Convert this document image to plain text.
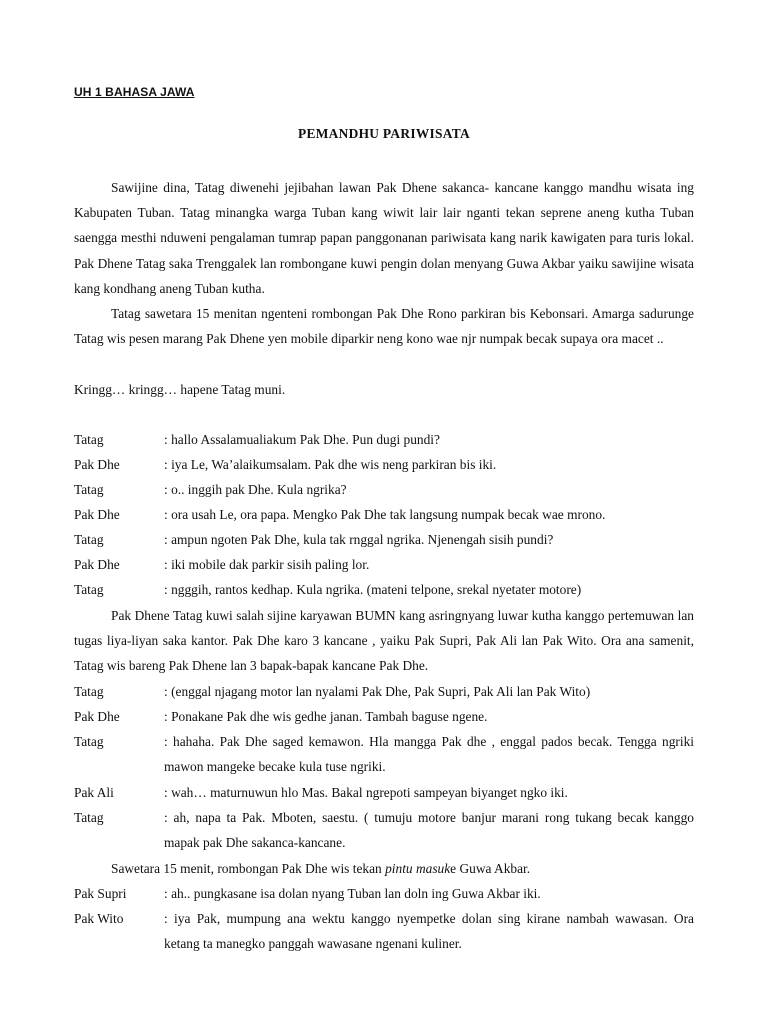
UH 1 BAHASA JAWA
PEMANDHU PARIWISATA

Sawijine dina, Tatag diwenehi jejibahan lawan Pak Dhene sakanca- kancane kanggo mandhu wisata ing Kabupaten Tuban. Tatag minangka warga Tuban kang wiwit lair lair nganti tekan seprene aneng kutha Tuban saengga mesthi nduweni pengalaman tumrap papan panggonanan pariwisata kang narik kawigaten para turis lokal. Pak Dhene Tatag saka Trenggalek lan rombongane kuwi pengin dolan menyang Guwa Akbar yaiku sawijine wisata kang kondhang aneng Tuban kutha.

Tatag sawetara 15 menitan ngenteni rombongan Pak Dhe Rono parkiran bis Kebonsari. Amarga sadurunge Tatag wis pesen marang Pak Dhene yen mobile diparkir neng kono wae njr numpak becak supaya ora macet ..

Kringg… kringg… hapene Tatag muni.

Tatag	: hallo Assalamualiakum Pak Dhe. Pun dugi pundi?
Pak Dhe	: iya Le, Wa’alaikumsalam. Pak dhe wis neng parkiran bis iki.
Tatag	: o.. inggih pak Dhe. Kula ngrika?
Pak Dhe	: ora usah Le, ora papa. Mengko Pak Dhe tak langsung numpak becak wae mrono.
Tatag	: ampun ngoten Pak Dhe, kula tak rnggal ngrika. Njenengah sisih pundi?
Pak Dhe	: iki mobile dak parkir sisih paling lor.
Tatag	: ngggih, rantos kedhap. Kula ngrika. (mateni telpone, srekal nyetater motore)

Pak Dhene Tatag kuwi salah sijine karyawan BUMN kang asringnyang luwar kutha kanggo pertemuwan lan tugas liya-liyan saka kantor. Pak Dhe karo 3 kancane , yaiku Pak Supri, Pak Ali lan Pak Wito. Ora ana samenit, Tatag wis bareng Pak Dhene lan 3 bapak-bapak kancane Pak Dhe.

Tatag	: (enggal njagang motor lan nyalami Pak Dhe, Pak Supri, Pak Ali lan Pak Wito)
Pak Dhe	: Ponakane Pak dhe wis gedhe janan. Tambah baguse ngene.
Tatag	: hahaha. Pak Dhe saged kemawon. Hla mangga Pak dhe , enggal pados becak. Tengga ngriki mawon mangeke becake kula tuse ngriki.
Pak Ali	: wah… maturnuwun hlo Mas. Bakal ngrepoti sampeyan biyanget ngko iki.
Tatag	: ah, napa ta Pak. Mboten, saestu. ( tumuju motore banjur marani rong tukang becak kanggo mapak pak Dhe sakanca-kancane.

Sawetara 15 menit, rombongan Pak Dhe wis tekan pintu masuke Guwa Akbar.

Pak Supri	: ah.. pungkasane isa dolan nyang Tuban lan doln ing Guwa Akbar iki.
Pak Wito	: iya Pak, mumpung ana wektu kanggo nyempetke dolan sing kirane nambah wawasan. Ora ketang ta manegko panggah wawasane ngenani kuliner.
